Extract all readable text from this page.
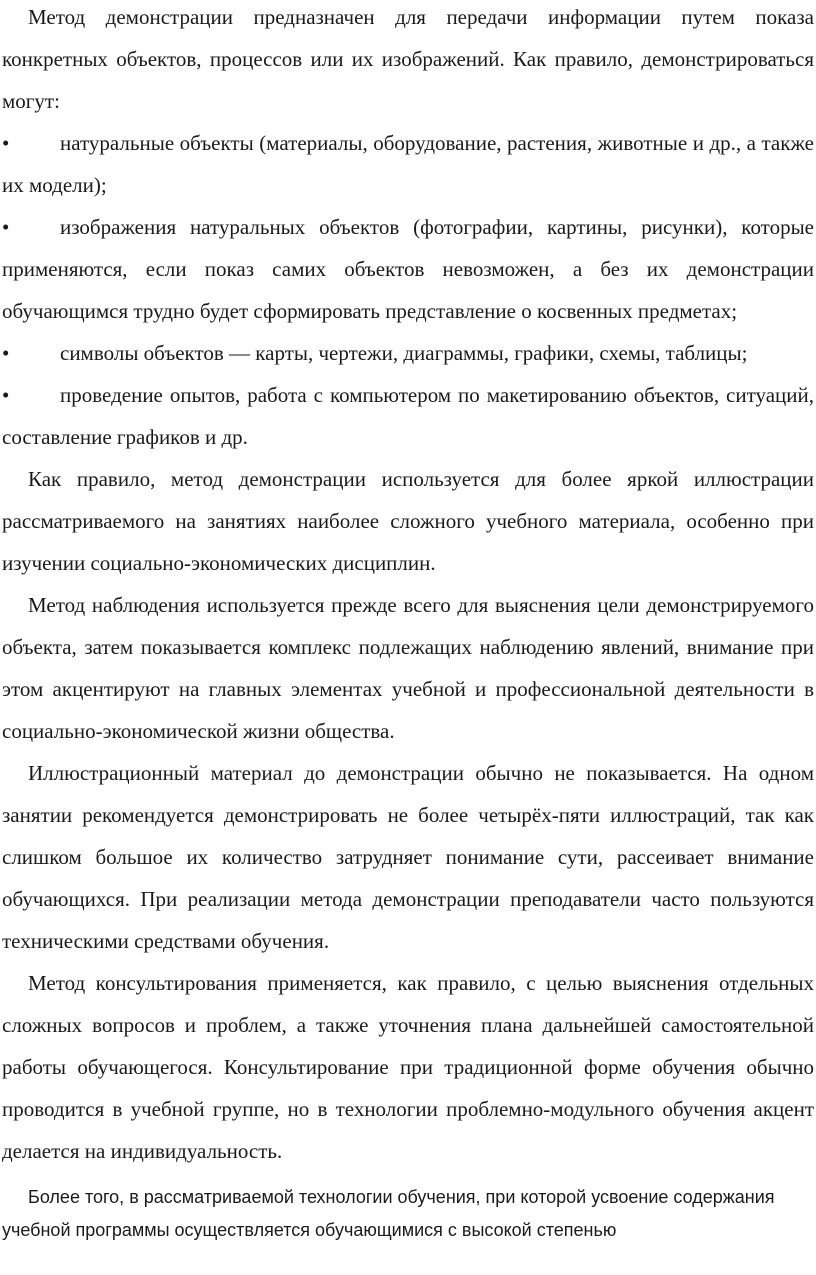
Метод демонстрации предназначен для передачи информации путем показа конкретных объектов, процессов или их изображений. Как правило, демонстрироваться могут:

• натуральные объекты (материалы, оборудование, растения, животные и др., а также их модели);

• изображения натуральных объектов (фотографии, картины, рисунки), которые применяются, если показ самих объектов невозможен, а без их демонстрации обучающимся трудно будет сформировать представление о косвенных предметах;

• символы объектов — карты, чертежи, диаграммы, графики, схемы, таблицы;

• проведение опытов, работа с компьютером по макетированию объектов, ситуаций, составление графиков и др.

Как правило, метод демонстрации используется для более яркой иллюстрации рассматриваемого на занятиях наиболее сложного учебного материала, особенно при изучении социально-экономических дисциплин.

Метод наблюдения используется прежде всего для выяснения цели демонстрируемого объекта, затем показывается комплекс подлежащих наблюдению явлений, внимание при этом акцентируют на главных элементах учебной и профессиональной деятельности в социально-экономической жизни общества.

Иллюстрационный материал до демонстрации обычно не показывается. На одном занятии рекомендуется демонстрировать не более четырёх-пяти иллюстраций, так как слишком большое их количество затрудняет понимание сути, рассеивает внимание обучающихся. При реализации метода демонстрации преподаватели часто пользуются техническими средствами обучения.

Метод консультирования применяется, как правило, с целью выяснения отдельных сложных вопросов и проблем, а также уточнения плана дальнейшей самостоятельной работы обучающегося. Консультирование при традиционной форме обучения обычно проводится в учебной группе, но в технологии проблемно-модульного обучения акцент делается на индивидуальность.

Более того, в рассматриваемой технологии обучения, при которой усвоение содержания учебной программы осуществляется обучающимися с высокой степенью
